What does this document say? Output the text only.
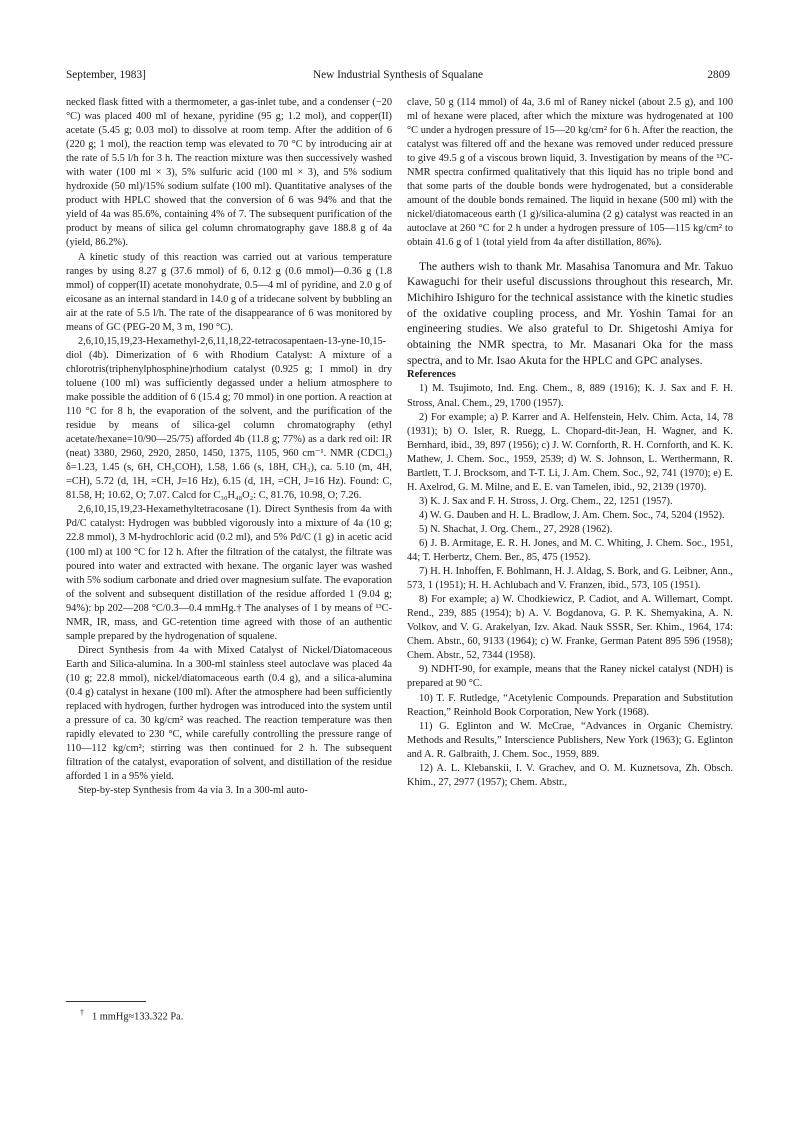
September, 1983]	New Industrial Synthesis of Squalane	2809

necked flask fitted with a thermometer, a gas-inlet tube, and a condenser (−20 °C) was placed 400 ml of hexane, pyridine (95 g; 1.2 mol), and copper(II) acetate (5.45 g; 0.03 mol) to dissolve at room temp. After the addition of 6 (220 g; 1 mol), the reaction temp was elevated to 70 °C by introducing air at the rate of 5.5 l/h for 3 h. The reaction mixture was then successively washed with water (100 ml × 3), 5% sulfuric acid (100 ml × 3), and 5% sodium hydroxide (50 ml)/15% sodium sulfate (100 ml). Quantitative analyses of the product with HPLC showed that the conversion of 6 was 94% and that the yield of 4a was 85.6%, containing 4% of 7. The subsequent purification of the product by means of silica gel column chromatography gave 188.8 g of 4a (yield, 86.2%).

A kinetic study of this reaction was carried out at various temperature ranges by using 8.27 g (37.6 mmol) of 6, 0.12 g (0.6 mmol)—0.36 g (1.8 mmol) of copper(II) acetate monohydrate, 0.5—4 ml of pyridine, and 2.0 g of eicosane as an internal standard in 14.0 g of a tridecane solvent by bubbling an air at the rate of 5.5 l/h. The rate of the disappearance of 6 was monitored by means of GC (PEG-20 M, 3 m, 190 °C).

2,6,10,15,19,23-Hexamethyl-2,6,11,18,22-tetracosapentaen-13-yne-10,15-diol (4b). Dimerization of 6 with Rhodium Catalyst: A mixture of a chlorotris(triphenylphosphine)rhodium catalyst (0.925 g; 1 mmol) in dry toluene (100 ml) was sufficiently degassed under a helium atmosphere to make possible the addition of 6 (15.4 g; 70 mmol) in one portion. A reaction at 110 °C for 8 h, the evaporation of the solvent, and the purification of the residue by means of silica-gel column chromatography (ethyl acetate/hexane=10/90—25/75) afforded 4b (11.8 g; 77%) as a dark red oil: IR (neat) 3380, 2960, 2920, 2850, 1450, 1375, 1105, 960 cm⁻¹. NMR (CDCl₃) δ=1.23, 1.45 (s, 6H, CH₃COH), 1.58, 1.66 (s, 18H, CH₃), ca. 5.10 (m, 4H, =CH), 5.72 (d, 1H, =CH, J=16 Hz), 6.15 (d, 1H, =CH, J=16 Hz). Found: C, 81.58, H; 10.62, O; 7.07. Calcd for C₃₀H₄₈O₂: C, 81.76, 10.98, O; 7.26.

2,6,10,15,19,23-Hexamethyltetracosane (1). Direct Synthesis from 4a with Pd/C catalyst: Hydrogen was bubbled vigorously into a mixture of 4a (10 g; 22.8 mmol), 3 M-hydrochloric acid (0.2 ml), and 5% Pd/C (1 g) in acetic acid (100 ml) at 100 °C for 12 h. After the filtration of the catalyst, the filtrate was poured into water and extracted with hexane. The organic layer was washed with 5% sodium carbonate and dried over magnesium sulfate. The evaporation of the solvent and subsequent distillation of the residue afforded 1 (9.04 g; 94%): bp 202—208 °C/0.3—0.4 mmHg.† The analyses of 1 by means of ¹³C-NMR, IR, mass, and GC-retention time agreed with those of an authentic sample prepared by the hydrogenation of squalene.

Direct Synthesis from 4a with Mixed Catalyst of Nickel/Diatomaceous Earth and Silica-alumina. In a 300-ml stainless steel autoclave was placed 4a (10 g; 22.8 mmol), nickel/diatomaceous earth (0.4 g), and a silica-alumina (0.4 g) catalyst in hexane (100 ml). After the atmosphere had been sufficiently replaced with hydrogen, further hydrogen was introduced into the system until a pressure of ca. 30 kg/cm² was reached. The reaction temperature was then rapidly elevated to 230 °C, while carefully controlling the pressure range of 110—112 kg/cm²; stirring was then continued for 2 h. The subsequent filtration of the catalyst, evaporation of solvent, and distillation of the residue afforded 1 in a 95% yield.

Step-by-step Synthesis from 4a via 3. In a 300-ml auto-

† 1 mmHg≈133.322 Pa.

clave, 50 g (114 mmol) of 4a, 3.6 ml of Raney nickel (about 2.5 g), and 100 ml of hexane were placed, after which the mixture was hydrogenated at 100 °C under a hydrogen pressure of 15—20 kg/cm² for 6 h. After the reaction, the catalyst was filtered off and the hexane was removed under reduced pressure to give 49.5 g of a viscous brown liquid, 3. Investigation by means of the ¹³C-NMR spectra confirmed qualitatively that this liquid has no triple bond and that some parts of the double bonds were hydrogenated, but a considerable amount of the double bonds remained. The liquid in hexane (500 ml) with the nickel/diatomaceous earth (1 g)/silica-alumina (2 g) catalyst was reacted in an autoclave at 260 °C for 2 h under a hydrogen pressure of 105—115 kg/cm² to obtain 41.6 g of 1 (total yield from 4a after distillation, 86%).

The authers wish to thank Mr. Masahisa Tanomura and Mr. Takuo Kawaguchi for their useful discussions throughout this research, Mr. Michihiro Ishiguro for the technical assistance with the kinetic studies of the oxidative coupling process, and Mr. Yoshin Tamai for an engineering studies. We also grateful to Dr. Shigetoshi Amiya for obtaining the NMR spectra, to Mr. Masanari Oka for the mass spectra, and to Mr. Isao Akuta for the HPLC and GPC analyses.

References

1) M. Tsujimoto, Ind. Eng. Chem., 8, 889 (1916); K. J. Sax and F. H. Stross, Anal. Chem., 29, 1700 (1957).

2) For example; a) P. Karrer and A. Helfenstein, Helv. Chim. Acta, 14, 78 (1931); b) O. Isler, R. Ruegg, L. Chopard-dit-Jean, H. Wagner, and K. Bernhard, ibid., 39, 897 (1956); c) J. W. Cornforth, R. H. Cornforth, and K. K. Mathew, J. Chem. Soc., 1959, 2539; d) W. S. Johnson, L. Werthermann, R. Bartlett, T. J. Brocksom, and T-T. Li, J. Am. Chem. Soc., 92, 741 (1970); e) E. H. Axelrod, G. M. Milne, and E. E. van Tamelen, ibid., 92, 2139 (1970).

3) K. J. Sax and F. H. Stross, J. Org. Chem., 22, 1251 (1957).

4) W. G. Dauben and H. L. Bradlow, J. Am. Chem. Soc., 74, 5204 (1952).

5) N. Shachat, J. Org. Chem., 27, 2928 (1962).

6) J. B. Armitage, E. R. H. Jones, and M. C. Whiting, J. Chem. Soc., 1951, 44; T. Herbertz, Chem. Ber., 85, 475 (1952).

7) H. H. Inhoffen, F. Bohlmann, H. J. Aldag, S. Bork, and G. Leibner, Ann., 573, 1 (1951); H. H. Achlubach and V. Franzen, ibid., 573, 105 (1951).

8) For example; a) W. Chodkiewicz, P. Cadiot, and A. Willemart, Compt. Rend., 239, 885 (1954); b) A. V. Bogdanova, G. P. K. Shemyakina, A. N. Volkov, and V. G. Arakelyan, Izv. Akad. Nauk SSSR, Ser. Khim., 1964, 174: Chem. Abstr., 60, 9133 (1964); c) W. Franke, German Patent 895 596 (1958); Chem. Abstr., 52, 7344 (1958).

9) NDHT-90, for example, means that the Raney nickel catalyst (NDH) is prepared at 90 °C.

10) T. F. Rutledge, “Acetylenic Compounds. Preparation and Substitution Reaction,” Reinhold Book Corporation, New York (1968).

11) G. Eglinton and W. McCrae, “Advances in Organic Chemistry. Methods and Results,” Interscience Publishers, New York (1963); G. Eglinton and A. R. Galbraith, J. Chem. Soc., 1959, 889.

12) A. L. Klebanskii, I. V. Grachev, and O. M. Kuznetsova, Zh. Obsch. Khim., 27, 2977 (1957); Chem. Abstr.,
